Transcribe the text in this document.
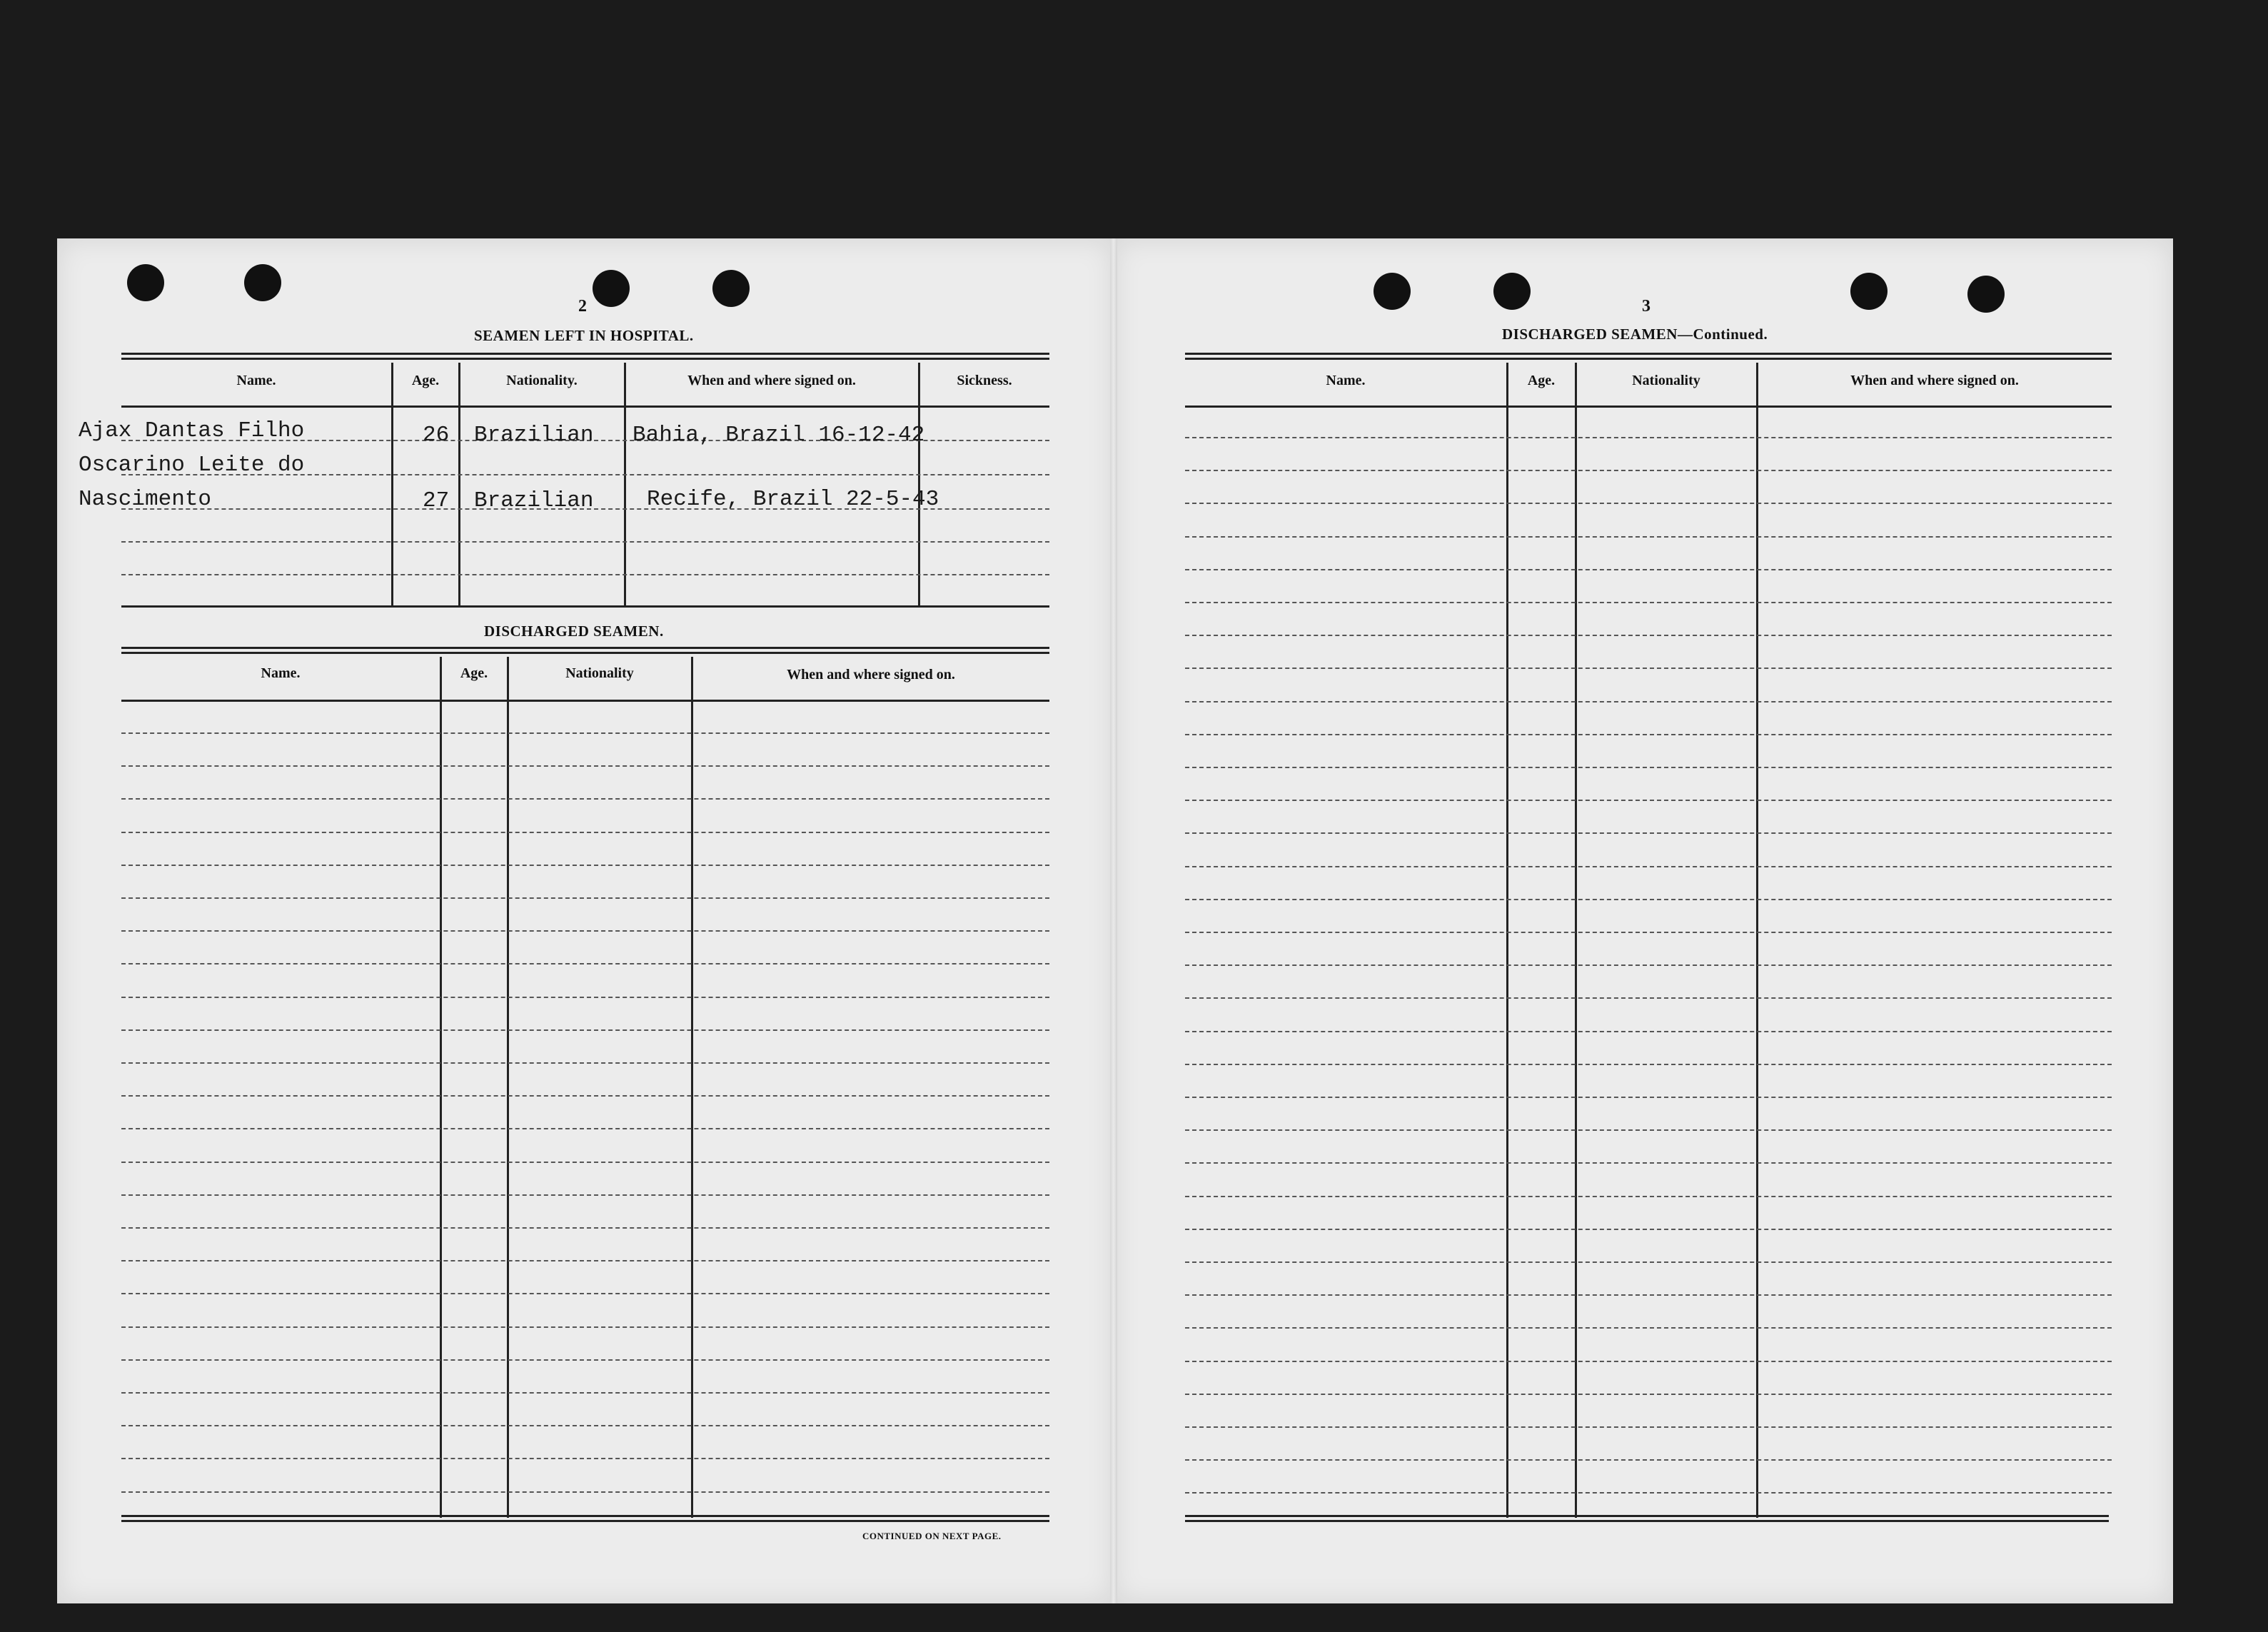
2
SEAMEN LEFT IN HOSPITAL.
Name.	Age.	Nationality.	When and where signed on.	Sickness.
Ajax Dantas Filho	26 Brazilian Bahia, Brazil 16-12-42
Oscarino Leite do
Nascimento	27 Brazilian Recife, Brazil 22-5-43
DISCHARGED SEAMEN.
Name.	Age.	Nationality	When and where signed on.
CONTINUED ON NEXT PAGE.
3
DISCHARGED SEAMEN—Continued.
Name.	Age.	Nationality	When and where signed on.
